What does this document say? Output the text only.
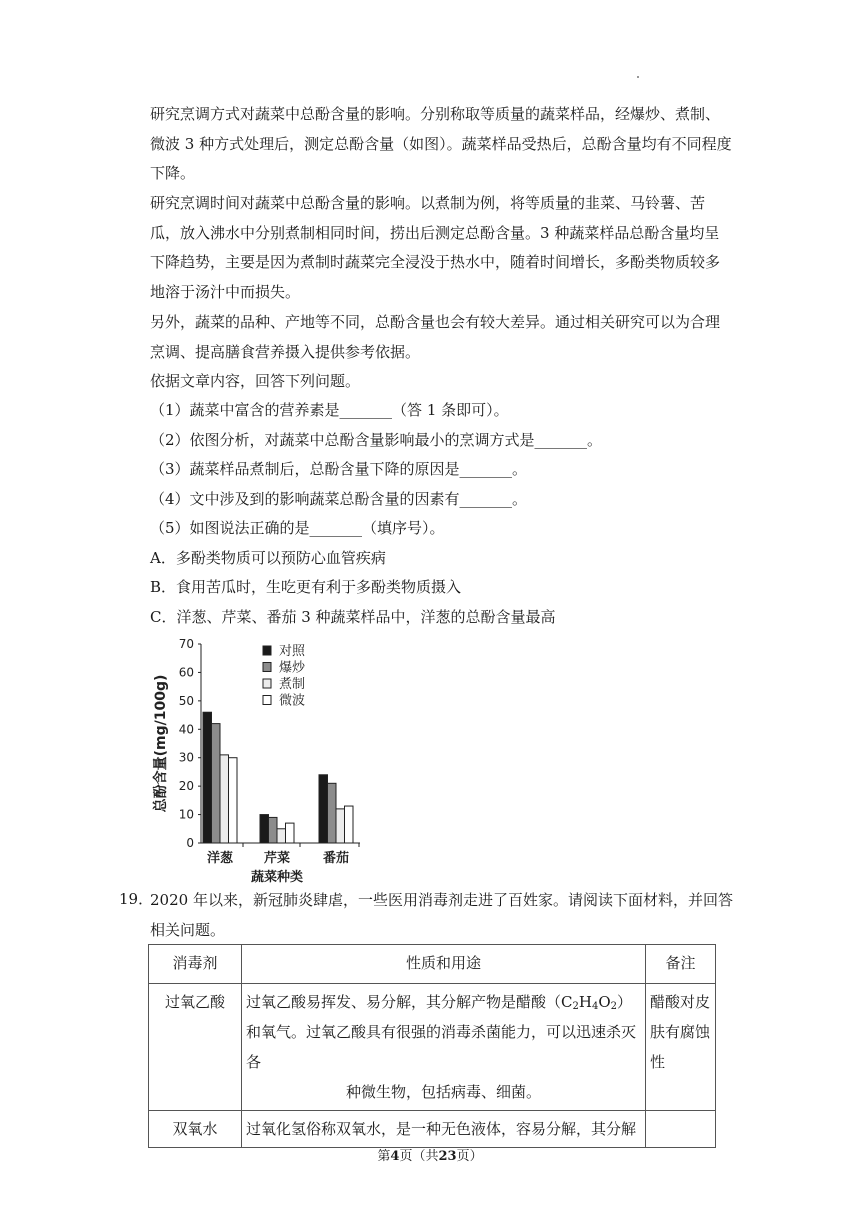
研究烹调方式对蔬菜中总酚含量的影响。分别称取等质量的蔬菜样品，经爆炒、煮制、微波 3 种方式处理后，测定总酚含量（如图）。蔬菜样品受热后，总酚含量均有不同程度下降。

研究烹调时间对蔬菜中总酚含量的影响。以煮制为例，将等质量的韭菜、马铃薯、苦瓜，放入沸水中分别煮制相同时间，捞出后测定总酚含量。3 种蔬菜样品总酚含量均呈下降趋势，主要是因为煮制时蔬菜完全浸没于热水中，随着时间增长，多酚类物质较多地溶于汤汁中而损失。

另外，蔬菜的品种、产地等不同，总酚含量也会有较大差异。通过相关研究可以为合理烹调、提高膳食营养摄入提供参考依据。

依据文章内容，回答下列问题。

（1）蔬菜中富含的营养素是_______（答 1 条即可）。

（2）依图分析，对蔬菜中总酚含量影响最小的烹调方式是_______。

（3）蔬菜样品煮制后，总酚含量下降的原因是_______。

（4）文中涉及到的影响蔬菜总酚含量的因素有_______。

（5）如图说法正确的是_______（填序号）。

A．多酚类物质可以预防心血管疾病

B．食用苦瓜时，生吃更有利于多酚类物质摄入

C．洋葱、芹菜、番茄 3 种蔬菜样品中，洋葱的总酚含量最高

0
10
20
30
40
50
60
70
总酚含量(mg/100g)
洋葱 芹菜	番茄
蔬菜种类
对照
爆炒
煮制
微波
19．

2020 年以来，新冠肺炎肆虐，一些医用消毒剂走进了百姓家。请阅读下面材料，并回答相关问题。

消毒剂	性质和用途	备注
过氧乙酸	过氧乙酸易挥发、易分解，其分解产物是醋酸$(C_2H_4O_2)$和氧气。过氧乙酸具有很强的消毒杀菌能力，可以迅速杀灭各
种微生物，包括病毒、细菌。	醋酸对皮肤有腐蚀性
双氧水	过氧化氢俗称双氧水，是一种无色液体，容易分解，其分解	
第4页（共23页）
